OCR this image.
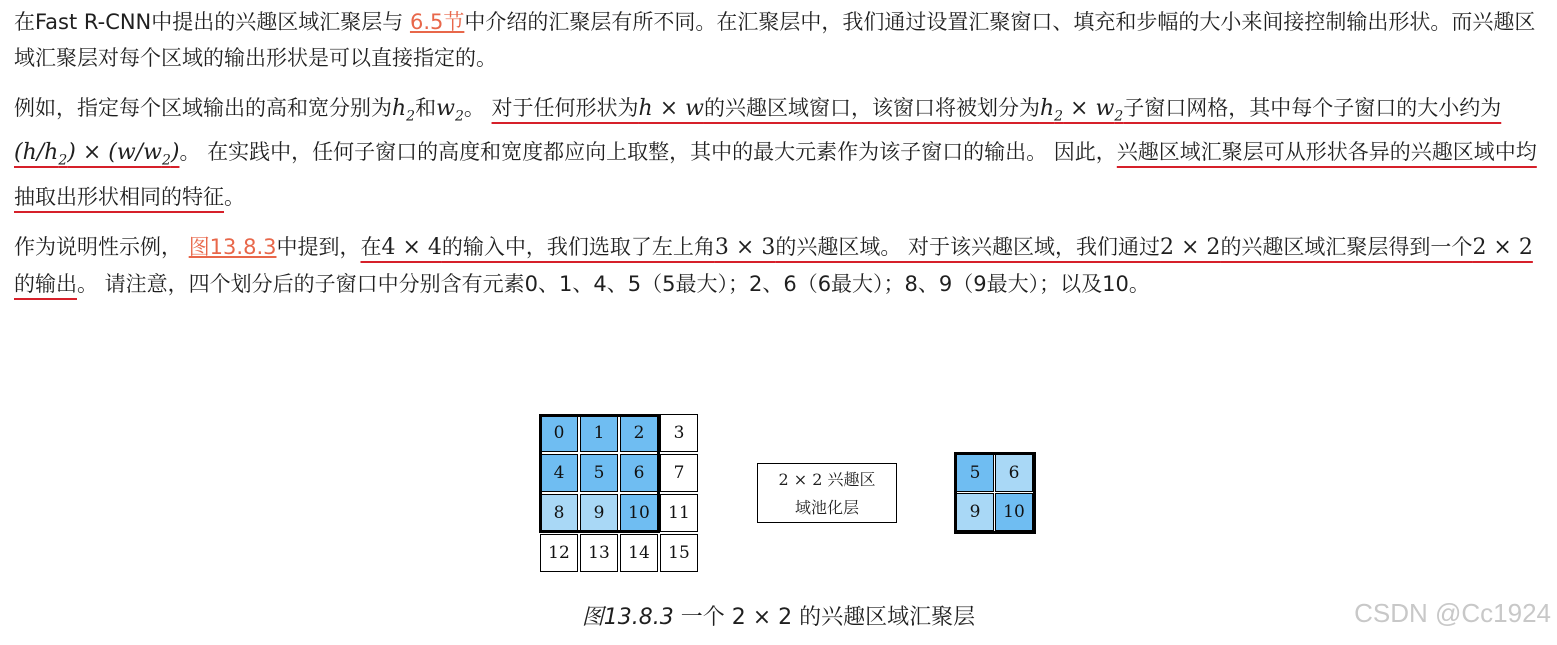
在Fast R-CNN中提出的兴趣区域汇聚层与 6.5节中介绍的汇聚层有所不同。在汇聚层中，我们通过设置汇聚窗口、填充和步幅的大小来间接控制输出形状。而兴趣区域汇聚层对每个区域的输出形状是可以直接指定的。

例如，指定每个区域输出的高和宽分别为$h_2$和$w_2$。 对于任何形状为h × w的兴趣区域窗口，该窗口将被划分为$h_2 \times w_2$子窗口网格，其中每个子窗口的大小约为$(h/h_2) \times (w/w_2)$。 在实践中，任何子窗口的高度和宽度都应向上取整，其中的最大元素作为该子窗口的输出。 因此，兴趣区域汇聚层可从形状各异的兴趣区域中均抽取出形状相同的特征。

作为说明性示例， 图13.8.3中提到，在4 × 4的输入中，我们选取了左上角3 × 3的兴趣区域。 对于该兴趣区域，我们通过2 × 2的兴趣区域汇聚层得到一个2 × 2的输出。 请注意，四个划分后的子窗口中分别含有元素0、1、4、5（5最大）；2、6（6最大）；8、9（9最大）；以及10。

0	1	2	3
4	5	6	7
8	9	10	11
12	13	14	15
2 × 2 兴趣区
域池化层
5	6
9	10
图13.8.3 一个 2 × 2 的兴趣区域汇聚层	CSDN @Cc1924
